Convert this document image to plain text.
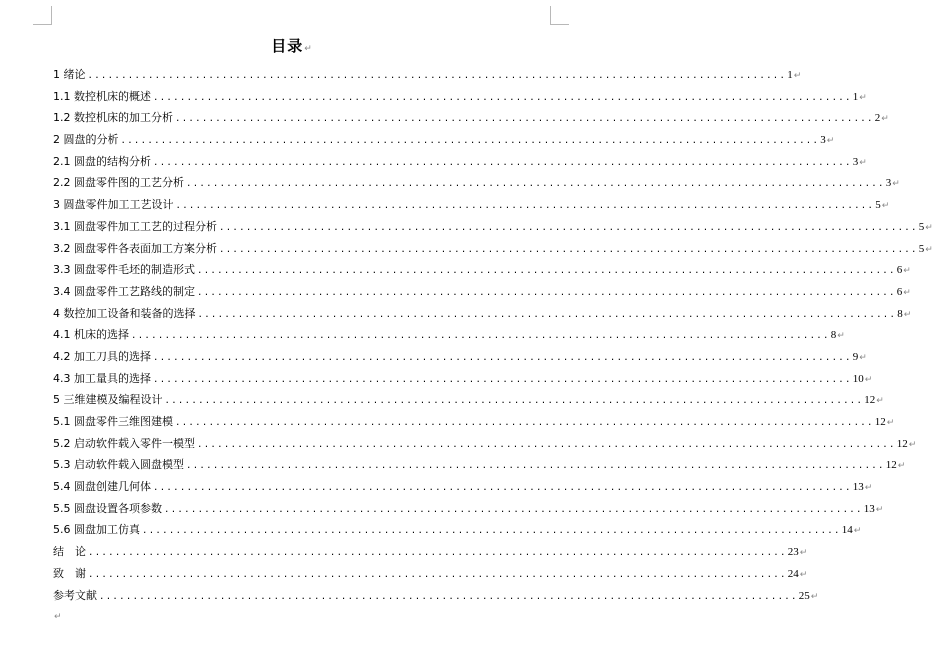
目录↵
1 绪论 ........................................................................................................ 1 ↵
1.1 数控机床的概述 ........................................................................................................ 1 ↵
1.2 数控机床的加工分析 ........................................................................................................ 2 ↵
2 圆盘的分析 ........................................................................................................ 3 ↵
2.1 圆盘的结构分析 ........................................................................................................ 3 ↵
2.2 圆盘零件图的工艺分析 ........................................................................................................ 3 ↵
3 圆盘零件加工工艺设计 ........................................................................................................ 5 ↵
3.1 圆盘零件加工工艺的过程分析 ........................................................................................................ 5 ↵
3.2 圆盘零件各表面加工方案分析 ........................................................................................................ 5 ↵
3.3 圆盘零件毛坯的制造形式 ........................................................................................................ 6 ↵
3.4 圆盘零件工艺路线的制定 ........................................................................................................ 6 ↵
4 数控加工设备和装备的选择 ........................................................................................................ 8 ↵
4.1 机床的选择 ........................................................................................................ 8 ↵
4.2 加工刀具的选择 ........................................................................................................ 9 ↵
4.3 加工量具的选择 ........................................................................................................ 10 ↵
5 三维建模及编程设计 ........................................................................................................ 12 ↵
5.1 圆盘零件三维图建模 ........................................................................................................ 12 ↵
5.2 启动软件载入零件一模型 ........................................................................................................ 12 ↵
5.3 启动软件载入圆盘模型 ........................................................................................................ 12 ↵
5.4 圆盘创建几何体 ........................................................................................................ 13 ↵
5.5 圆盘设置各项参数 ........................................................................................................ 13 ↵
5.6 圆盘加工仿真 ........................................................................................................ 14 ↵
结　论 ........................................................................................................ 23 ↵
致　谢 ........................................................................................................ 24 ↵
参考文献 ........................................................................................................ 25 ↵
↵
